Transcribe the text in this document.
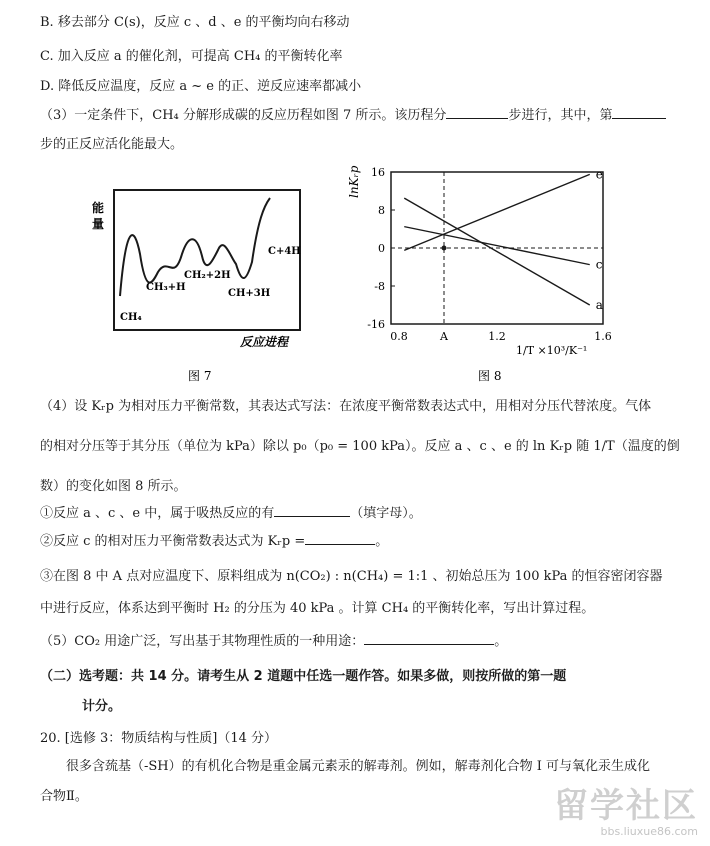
B. 移去部分 C(s)，反应 c 、d 、e 的平衡均向右移动
C. 加入反应 a 的催化剂，可提高 CH₄ 的平衡转化率
D. 降低反应温度，反应 a ~ e 的正、逆反应速率都减小
（3）一定条件下，CH₄ 分解形成碳的反应历程如图 7 所示。该历程分	步进行，其中，第
步的正反应活化能最大。
能
量
CH₄
CH₃+H
CH₂+2H
CH+3H
C+4H
反应进程
图 7
16
8
0
-8
-16
0.8	A	1.2	1.6
e
c
a
lnKᵣp
1/T ×10³/K⁻¹
图 8
（4）设 Kᵣp 为相对压力平衡常数，其表达式写法：在浓度平衡常数表达式中，用相对分压代替浓度。气体
的相对分压等于其分压（单位为 kPa）除以 p₀（p₀ = 100 kPa）。反应 a 、c 、e 的 ln Kᵣp 随 1/T（温度的倒
数）的变化如图 8 所示。
①反应 a 、c 、e 中，属于吸热反应的有	（填字母）。
②反应 c 的相对压力平衡常数表达式为 Kᵣp =	。
③在图 8 中 A 点对应温度下、原料组成为 n(CO₂) : n(CH₄) = 1:1 、初始总压为 100 kPa 的恒容密闭容器
中进行反应，体系达到平衡时 H₂ 的分压为 40 kPa 。计算 CH₄ 的平衡转化率，写出计算过程。
（5）CO₂ 用途广泛，写出基于其物理性质的一种用途：	。
（二）选考题：共 14 分。请考生从 2 道题中任选一题作答。如果多做，则按所做的第一题
计分。
20. [选修 3：物质结构与性质]（14 分）
很多含巯基（-SH）的有机化合物是重金属元素汞的解毒剂。例如，解毒剂化合物 I 可与氧化汞生成化
合物Ⅱ。	留学社区
bbs.liuxue86.com
